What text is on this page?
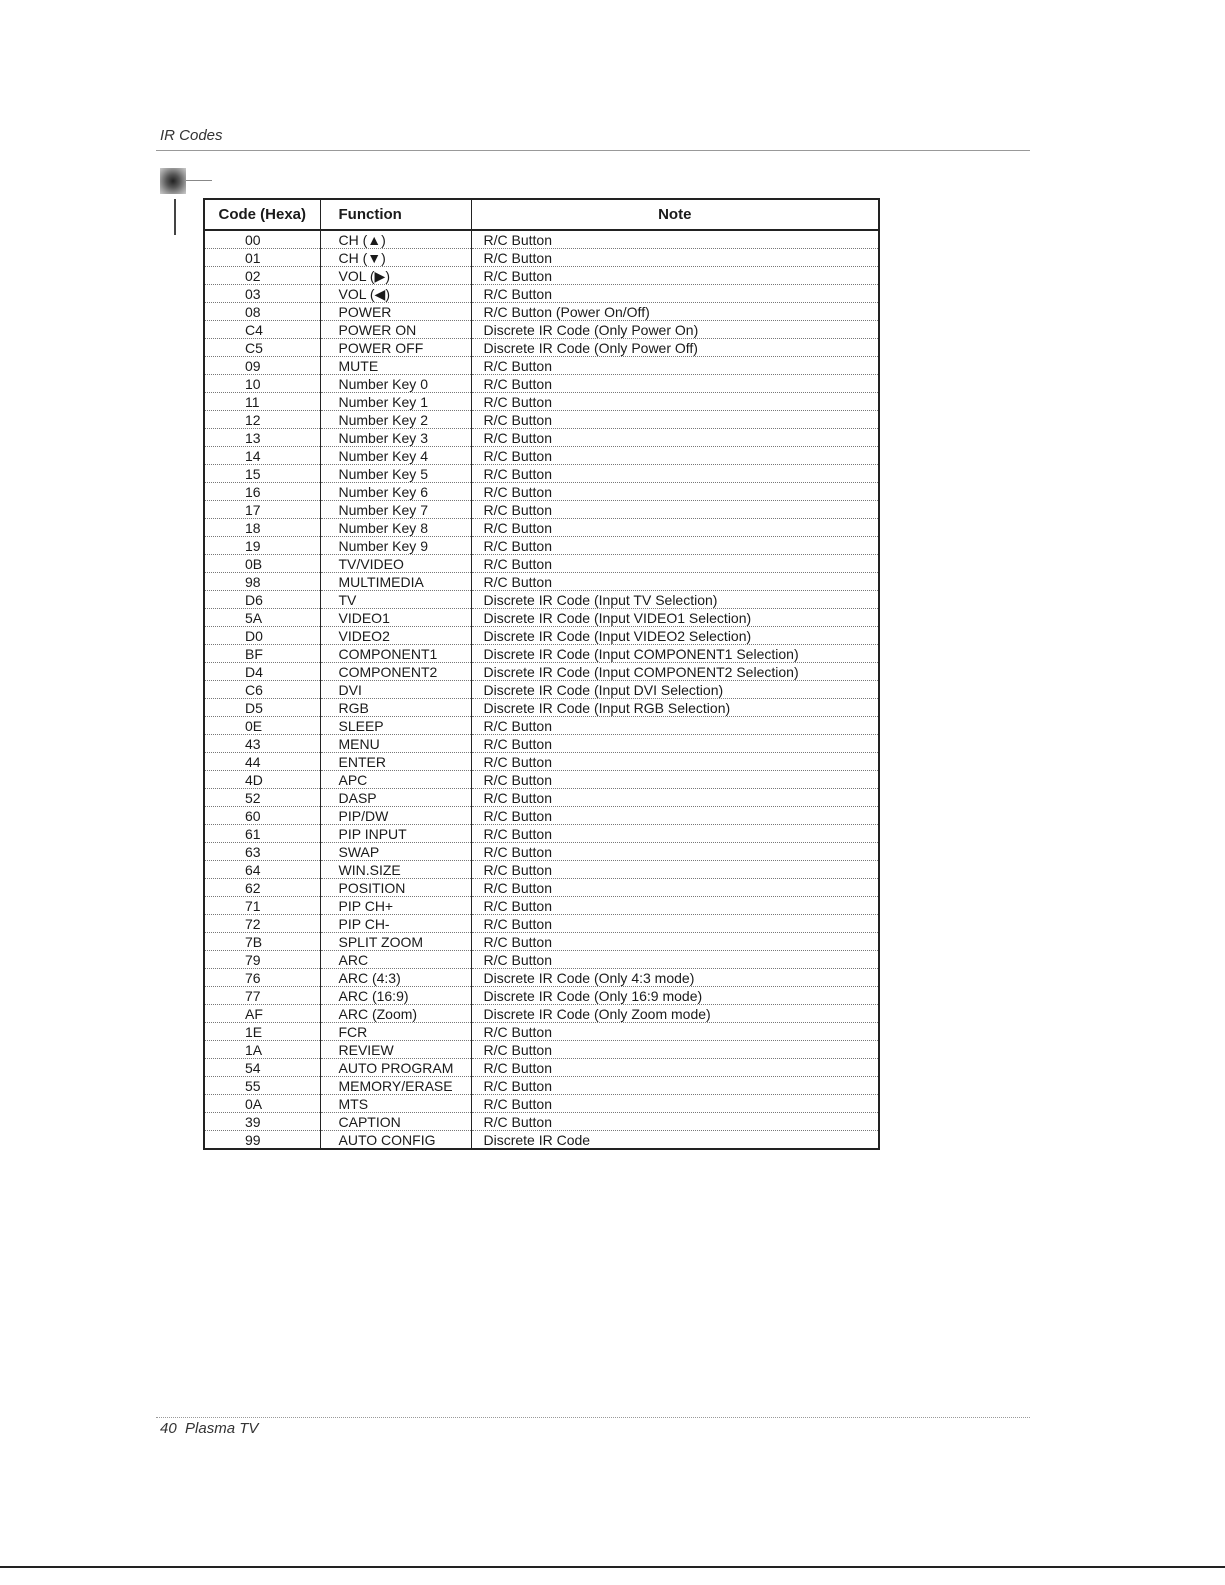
IR Codes
Code (Hexa)	Function	Note
00	CH (▲)	R/C Button
01	CH (▼)	R/C Button
02	VOL (▶)	R/C Button
03	VOL (◀)	R/C Button
08	POWER	R/C Button (Power On/Off)
C4	POWER ON	Discrete IR Code (Only Power On)
C5	POWER OFF	Discrete IR Code (Only Power Off)
09	MUTE	R/C Button
10	Number Key 0	R/C Button
11	Number Key 1	R/C Button
12	Number Key 2	R/C Button
13	Number Key 3	R/C Button
14	Number Key 4	R/C Button
15	Number Key 5	R/C Button
16	Number Key 6	R/C Button
17	Number Key 7	R/C Button
18	Number Key 8	R/C Button
19	Number Key 9	R/C Button
0B	TV/VIDEO	R/C Button
98	MULTIMEDIA	R/C Button
D6	TV	Discrete IR Code (Input TV Selection)
5A	VIDEO1	Discrete IR Code (Input VIDEO1 Selection)
D0	VIDEO2	Discrete IR Code (Input VIDEO2 Selection)
BF	COMPONENT1	Discrete IR Code (Input COMPONENT1 Selection)
D4	COMPONENT2	Discrete IR Code (Input COMPONENT2 Selection)
C6	DVI	Discrete IR Code (Input DVI Selection)
D5	RGB	Discrete IR Code (Input RGB Selection)
0E	SLEEP	R/C Button
43	MENU	R/C Button
44	ENTER	R/C Button
4D	APC	R/C Button
52	DASP	R/C Button
60	PIP/DW	R/C Button
61	PIP INPUT	R/C Button
63	SWAP	R/C Button
64	WIN.SIZE	R/C Button
62	POSITION	R/C Button
71	PIP CH+	R/C Button
72	PIP CH-	R/C Button
7B	SPLIT ZOOM	R/C Button
79	ARC	R/C Button
76	ARC (4:3)	Discrete IR Code (Only 4:3 mode)
77	ARC (16:9)	Discrete IR Code (Only 16:9 mode)
AF	ARC (Zoom)	Discrete IR Code (Only Zoom mode)
1E	FCR	R/C Button
1A	REVIEW	R/C Button
54	AUTO PROGRAM	R/C Button
55	MEMORY/ERASE	R/C Button
0A	MTS	R/C Button
39	CAPTION	R/C Button
99	AUTO CONFIG	Discrete IR Code
40 Plasma TV
